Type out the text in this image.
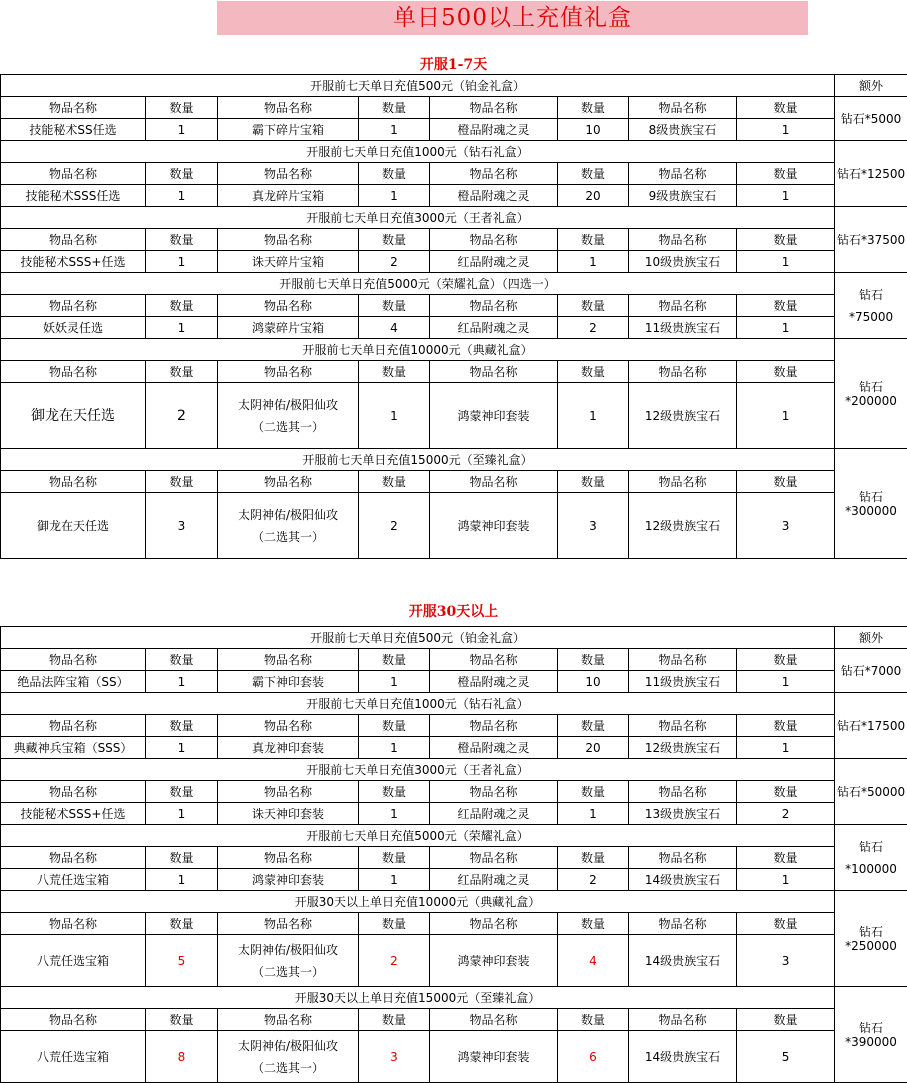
单日500以上充值礼盒
开服1-7天
开服前七天单日充值500元（铂金礼盒）								额外
物品名称	数量	物品名称	数量	物品名称	数量	物品名称	数量	钻石*5000
技能秘术SS任选	1	霸下碎片宝箱	1	橙品附魂之灵	10	8级贵族宝石	1	
开服前七天单日充值1000元（钻石礼盒）								钻石*12500
物品名称	数量	物品名称	数量	物品名称	数量	物品名称	数量	
技能秘术SSS任选	1	真龙碎片宝箱	1	橙品附魂之灵	20	9级贵族宝石	1	
开服前七天单日充值3000元（王者礼盒）								钻石*37500
物品名称	数量	物品名称	数量	物品名称	数量	物品名称	数量	
技能秘术SSS+任选	1	诛天碎片宝箱	2	红品附魂之灵	1	10级贵族宝石	1	
开服前七天单日充值5000元（荣耀礼盒）（四选一）								钻石
*75000

物品名称	数量	物品名称	数量	物品名称	数量	物品名称	数量	
妖妖灵任选	1	鸿蒙碎片宝箱	4	红品附魂之灵	2	11级贵族宝石	1	
开服前七天单日充值10000元（典藏礼盒）								钻石*200000
物品名称	数量	物品名称	数量	物品名称	数量	物品名称	数量	
御龙在天任选	2	太阴神佑/极阳仙攻
（二选其一）	1	鸿蒙神印套装	1	12级贵族宝石	1	
开服前七天单日充值15000元（至臻礼盒）								钻石*300000
物品名称	数量	物品名称	数量	物品名称	数量	物品名称	数量	
御龙在天任选	3	太阴神佑/极阳仙攻
（二选其一）	2	鸿蒙神印套装	3	12级贵族宝石	3	
开服30天以上
开服前七天单日充值500元（铂金礼盒）								额外
物品名称	数量	物品名称	数量	物品名称	数量	物品名称	数量	钻石*7000
绝品法阵宝箱（SS）	1	霸下神印套装	1	橙品附魂之灵	10	11级贵族宝石	1	
开服前七天单日充值1000元（钻石礼盒）								钻石*17500
物品名称	数量	物品名称	数量	物品名称	数量	物品名称	数量	
典藏神兵宝箱（SSS）	1	真龙神印套装	1	橙品附魂之灵	20	12级贵族宝石	1	
开服前七天单日充值3000元（王者礼盒）								钻石*50000
物品名称	数量	物品名称	数量	物品名称	数量	物品名称	数量	
技能秘术SSS+任选	1	诛天神印套装	1	红品附魂之灵	1	13级贵族宝石	2	
开服前七天单日充值5000元（荣耀礼盒）								钻石
*100000

物品名称	数量	物品名称	数量	物品名称	数量	物品名称	数量	
八荒任选宝箱	1	鸿蒙神印套装	1	红品附魂之灵	2	14级贵族宝石	1	
开服30天以上单日充值10000元（典藏礼盒）								钻石*250000
物品名称	数量	物品名称	数量	物品名称	数量	物品名称	数量	
八荒任选宝箱	5	太阴神佑/极阳仙攻
（二选其一）	2	鸿蒙神印套装	4	14级贵族宝石	3	
开服30天以上单日充值15000元（至臻礼盒）								钻石*390000
物品名称	数量	物品名称	数量	物品名称	数量	物品名称	数量	
八荒任选宝箱	8	太阴神佑/极阳仙攻
（二选其一）	3	鸿蒙神印套装	6	14级贵族宝石	5	
